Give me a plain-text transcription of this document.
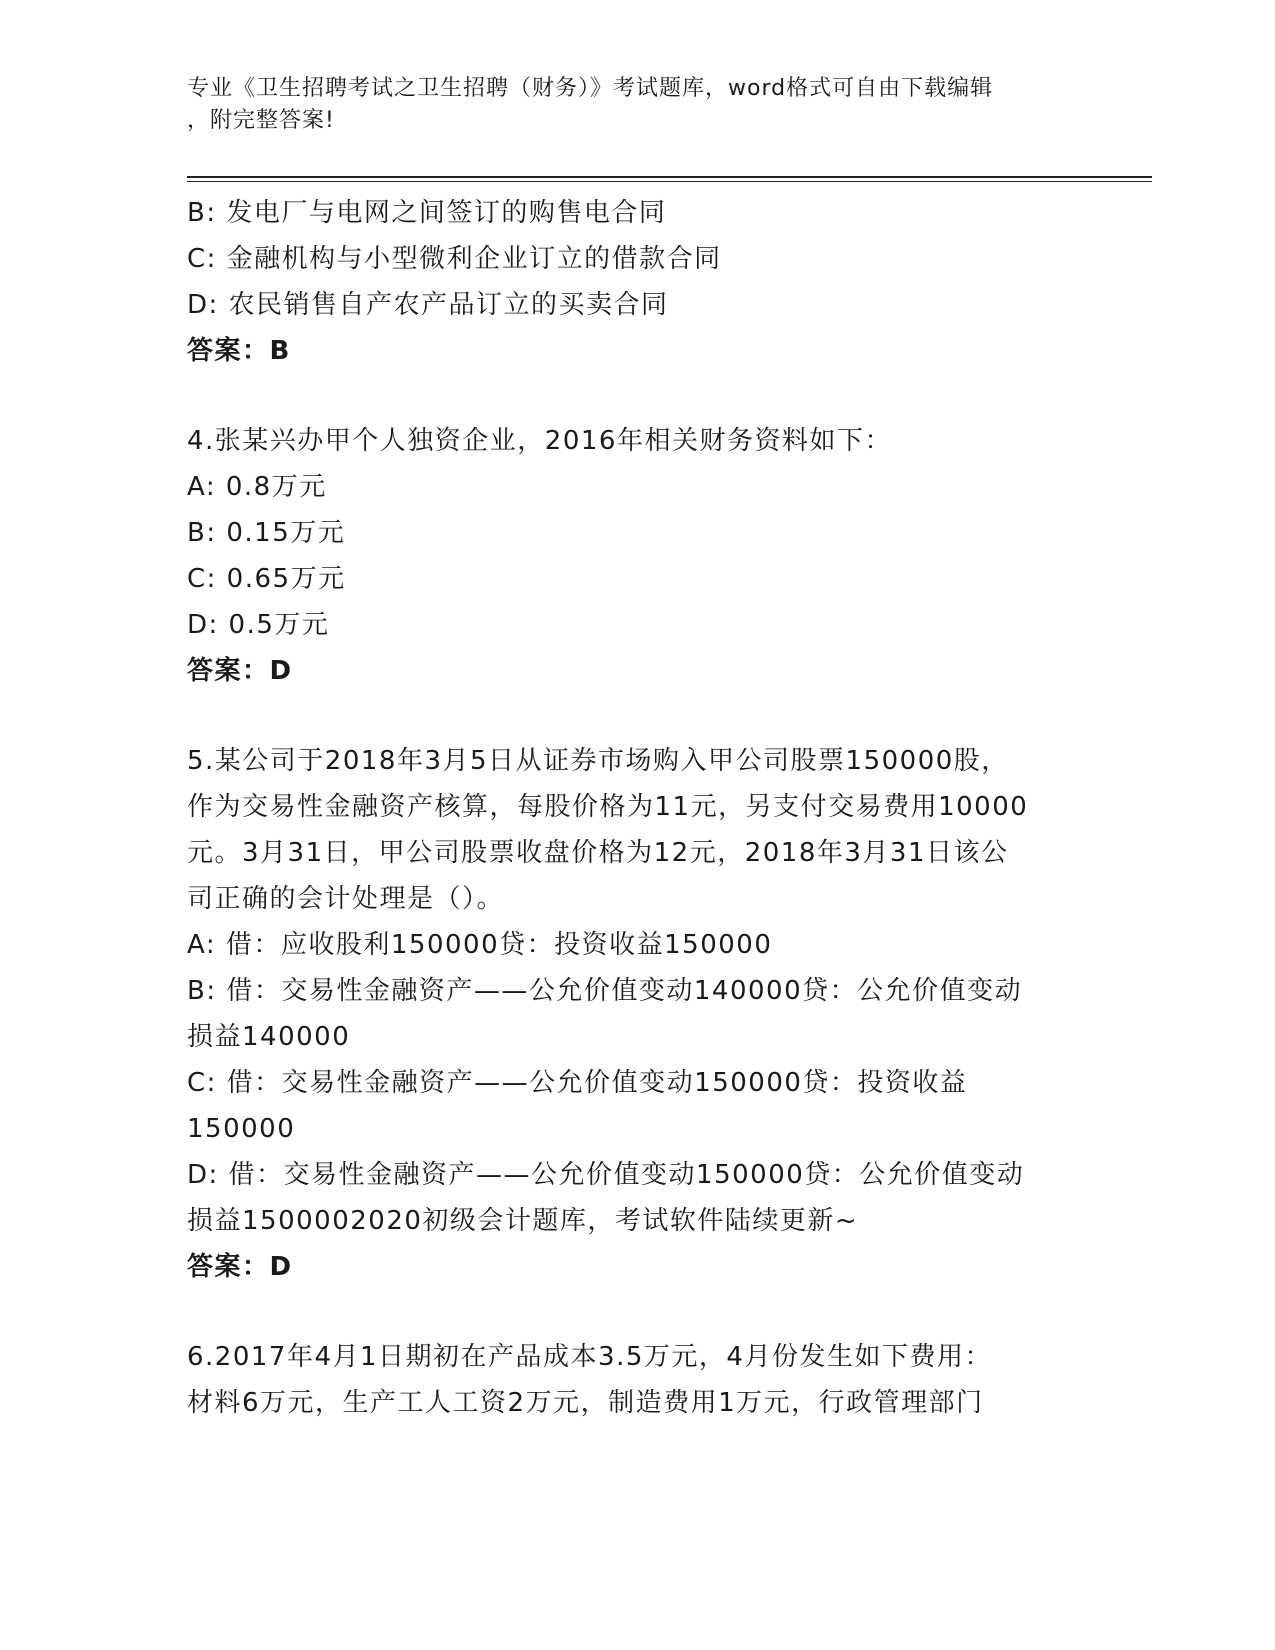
专业《卫生招聘考试之卫生招聘（财务）》考试题库，word格式可自由下载编辑
，附完整答案!
B: 发电厂与电网之间签订的购售电合同
C: 金融机构与小型微利企业订立的借款合同
D: 农民销售自产农产品订立的买卖合同
答案：B
4.张某兴办甲个人独资企业，2016年相关财务资料如下：
A: 0.8万元
B: 0.15万元
C: 0.65万元
D: 0.5万元
答案：D
5.某公司于2018年3月5日从证券市场购入甲公司股票150000股，
作为交易性金融资产核算，每股价格为11元，另支付交易费用10000
元。3月31日，甲公司股票收盘价格为12元，2018年3月31日该公
司正确的会计处理是（）。
A: 借：应收股利150000贷：投资收益150000
B: 借：交易性金融资产——公允价值变动140000贷：公允价值变动
损益140000
C: 借：交易性金融资产——公允价值变动150000贷：投资收益
150000
D: 借：交易性金融资产——公允价值变动150000贷：公允价值变动
损益1500002020初级会计题库，考试软件陆续更新~
答案：D
6.2017年4月1日期初在产品成本3.5万元，4月份发生如下费用：
材料6万元，生产工人工资2万元，制造费用1万元，行政管理部门
